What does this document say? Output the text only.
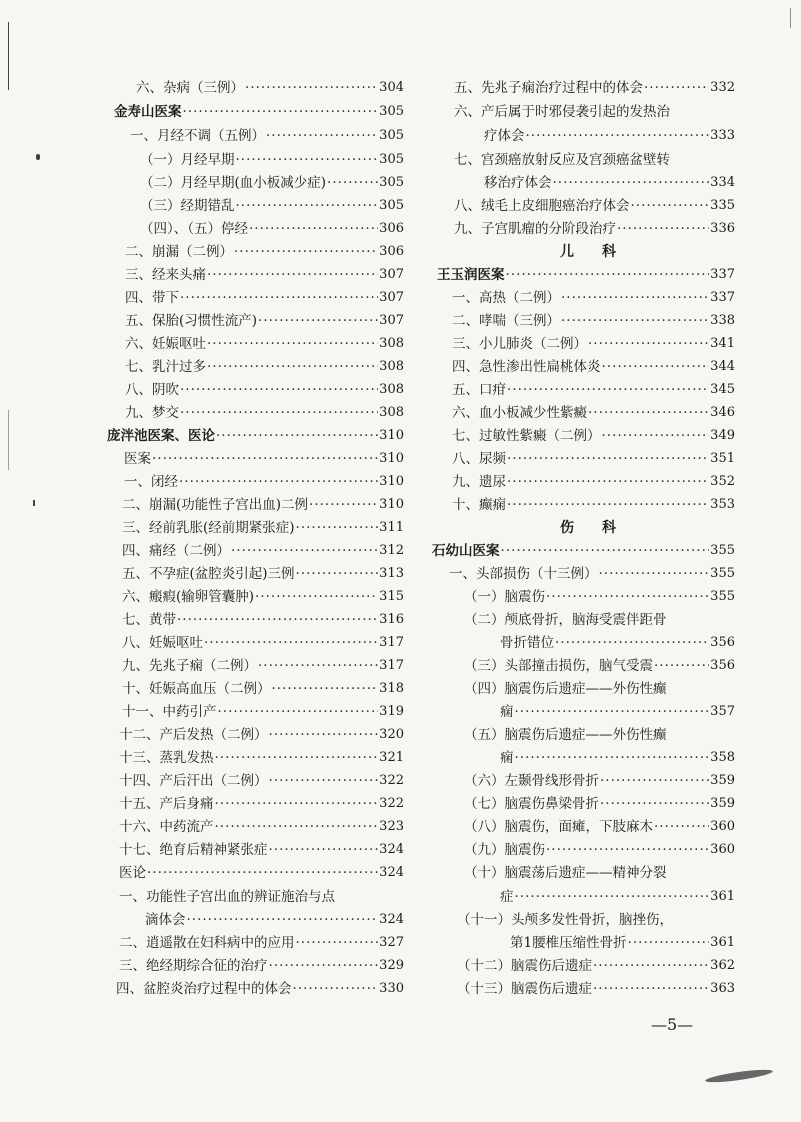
六、杂病（三例） ·····	304
金寿山医案 ·····	305
一、月经不调（五例） ·····	305
（一）月经早期 ·····	305
（二）月经早期(血小板减少症) ·····	305
（三）经期错乱 ·····	305
（四）、（五）停经 ·····	306
二、崩漏（二例） ·····	306
三、经来头痛 ·····	307
四、带下 ·····	307
五、保胎(习惯性流产) ·····	307
六、妊娠呕吐 ·····	308
七、乳汁过多 ·····	308
八、阴吹 ·····	308
九、梦交 ·····	308
庞泮池医案、医论 ·····	310
医案 ·····	310
一、闭经 ·····	310
二、崩漏(功能性子宫出血)二例 ·····	310
三、经前乳胀(经前期紧张症) ·····	311
四、痛经（二例） ·····	312
五、不孕症(盆腔炎引起)三例 ·····	313
六、瘢瘕(输卵管囊肿) ·····	315
七、黄带 ·····	316
八、妊娠呕吐 ·····	317
九、先兆子痫（二例） ·····	317
十、妊娠高血压（二例） ·····	318
十一、中药引产 ·····	319
十二、产后发热（二例） ·····	320
十三、蒸乳发热 ·····	321
十四、产后汗出（二例） ·····	322
十五、产后身痛 ·····	322
十六、中药流产 ·····	323
十七、绝育后精神紧张症 ·····	324
医论 ·····	324
一、功能性子宫出血的辨证施治与点
滴体会 ·····	324
二、逍遥散在妇科病中的应用 ·····	327
三、绝经期综合征的治疗 ·····	329
四、盆腔炎治疗过程中的体会 ·····	330
五、先兆子痫治疗过程中的体会 ·····	332
六、产后属于时邪侵袭引起的发热治
疗体会 ·····	333
七、宫颈癌放射反应及宫颈癌盆壁转
移治疗体会 ·····	334
八、绒毛上皮细胞癌治疗体会 ·····	335
九、子宫肌瘤的分阶段治疗 ·····	336
王玉润医案 ·····	337
一、高热（二例） ·····	337
二、哮喘（三例） ·····	338
三、小儿肺炎（二例） ·····	341
四、急性渗出性扁桃体炎 ·····	344
五、口疳 ·····	345
六、血小板减少性紫癜 ·····	346
七、过敏性紫癜（二例） ·····	349
八、尿频 ·····	351
九、遗尿 ·····	352
十、癫痫 ·····	353
石幼山医案 ·····	355
一、头部损伤（十三例） ·····	355
（一）脑震伤 ·····	355
（二）颅底骨折，脑海受震伴距骨
骨折错位 ·····	356
（三）头部撞击损伤，脑气受震 ·····	356
（四）脑震伤后遗症——外伤性癫
痫 ·····	357
（五）脑震伤后遗症——外伤性癫
痫 ·····	358
（六）左颞骨线形骨折 ·····	359
（七）脑震伤鼻梁骨折 ·····	359
（八）脑震伤，面瘫，下肢麻木 ·····	360
（九）脑震伤 ·····	360
（十）脑震荡后遗症——精神分裂
症 ·····	361
（十一）头颅多发性骨折，脑挫伤，
第1腰椎压缩性骨折 ·····	361
（十二）脑震伤后遗症 ·····	362
（十三）脑震伤后遗症 ·····	363
儿科
伤科
—5—
